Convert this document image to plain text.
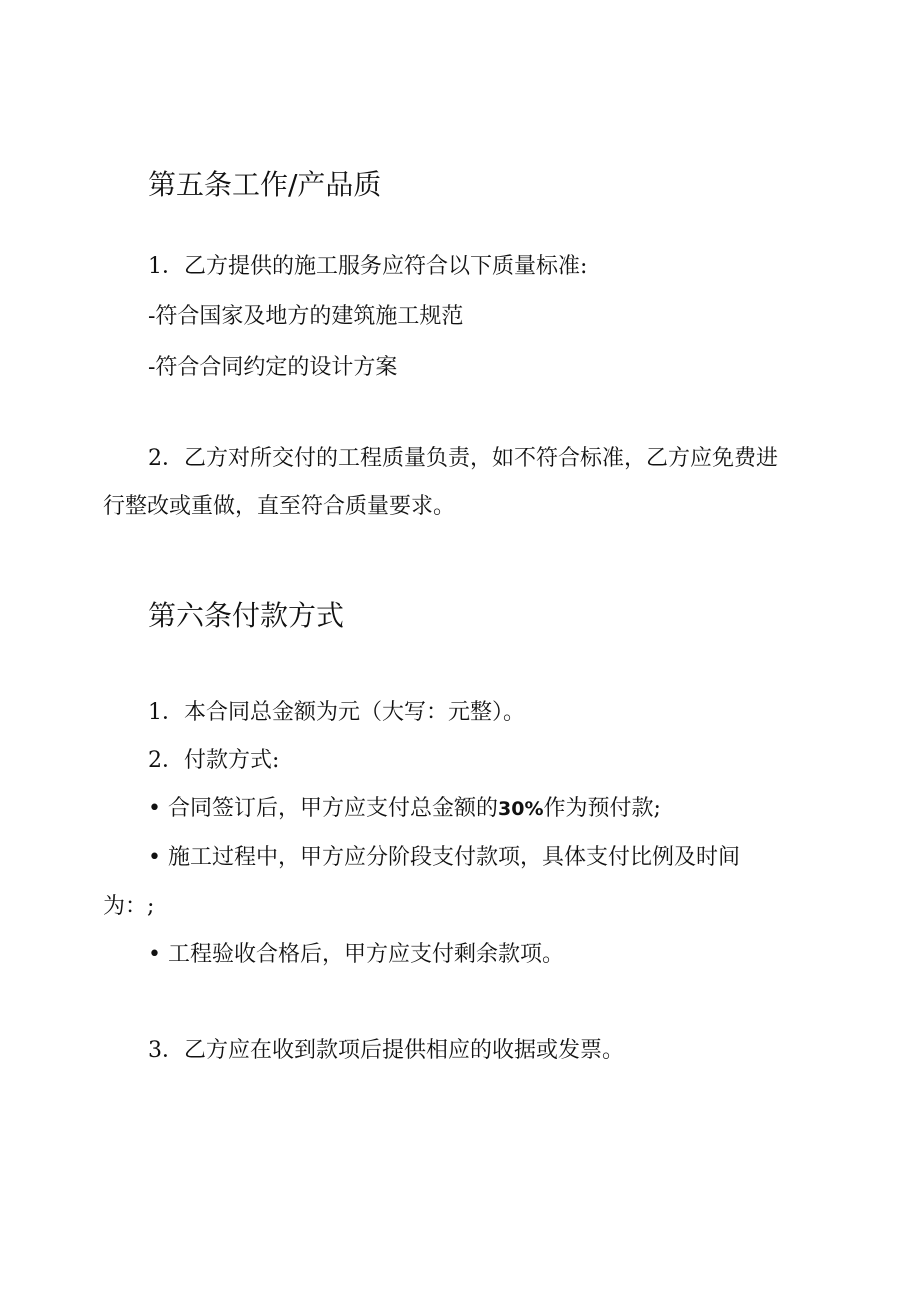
第五条工作/产品质
1．乙方提供的施工服务应符合以下质量标准:
-符合国家及地方的建筑施工规范
-符合合同约定的设计方案
2．乙方对所交付的工程质量负责，如不符合标准，乙方应免费进
行整改或重做，直至符合质量要求。
第六条付款方式
1．本合同总金额为元（大写：元整）。
2．付款方式:
• 合同签订后，甲方应支付总金额的30%作为预付款;
• 施工过程中，甲方应分阶段支付款项，具体支付比例及时间
为：;
• 工程验收合格后，甲方应支付剩余款项。
3．乙方应在收到款项后提供相应的收据或发票。
